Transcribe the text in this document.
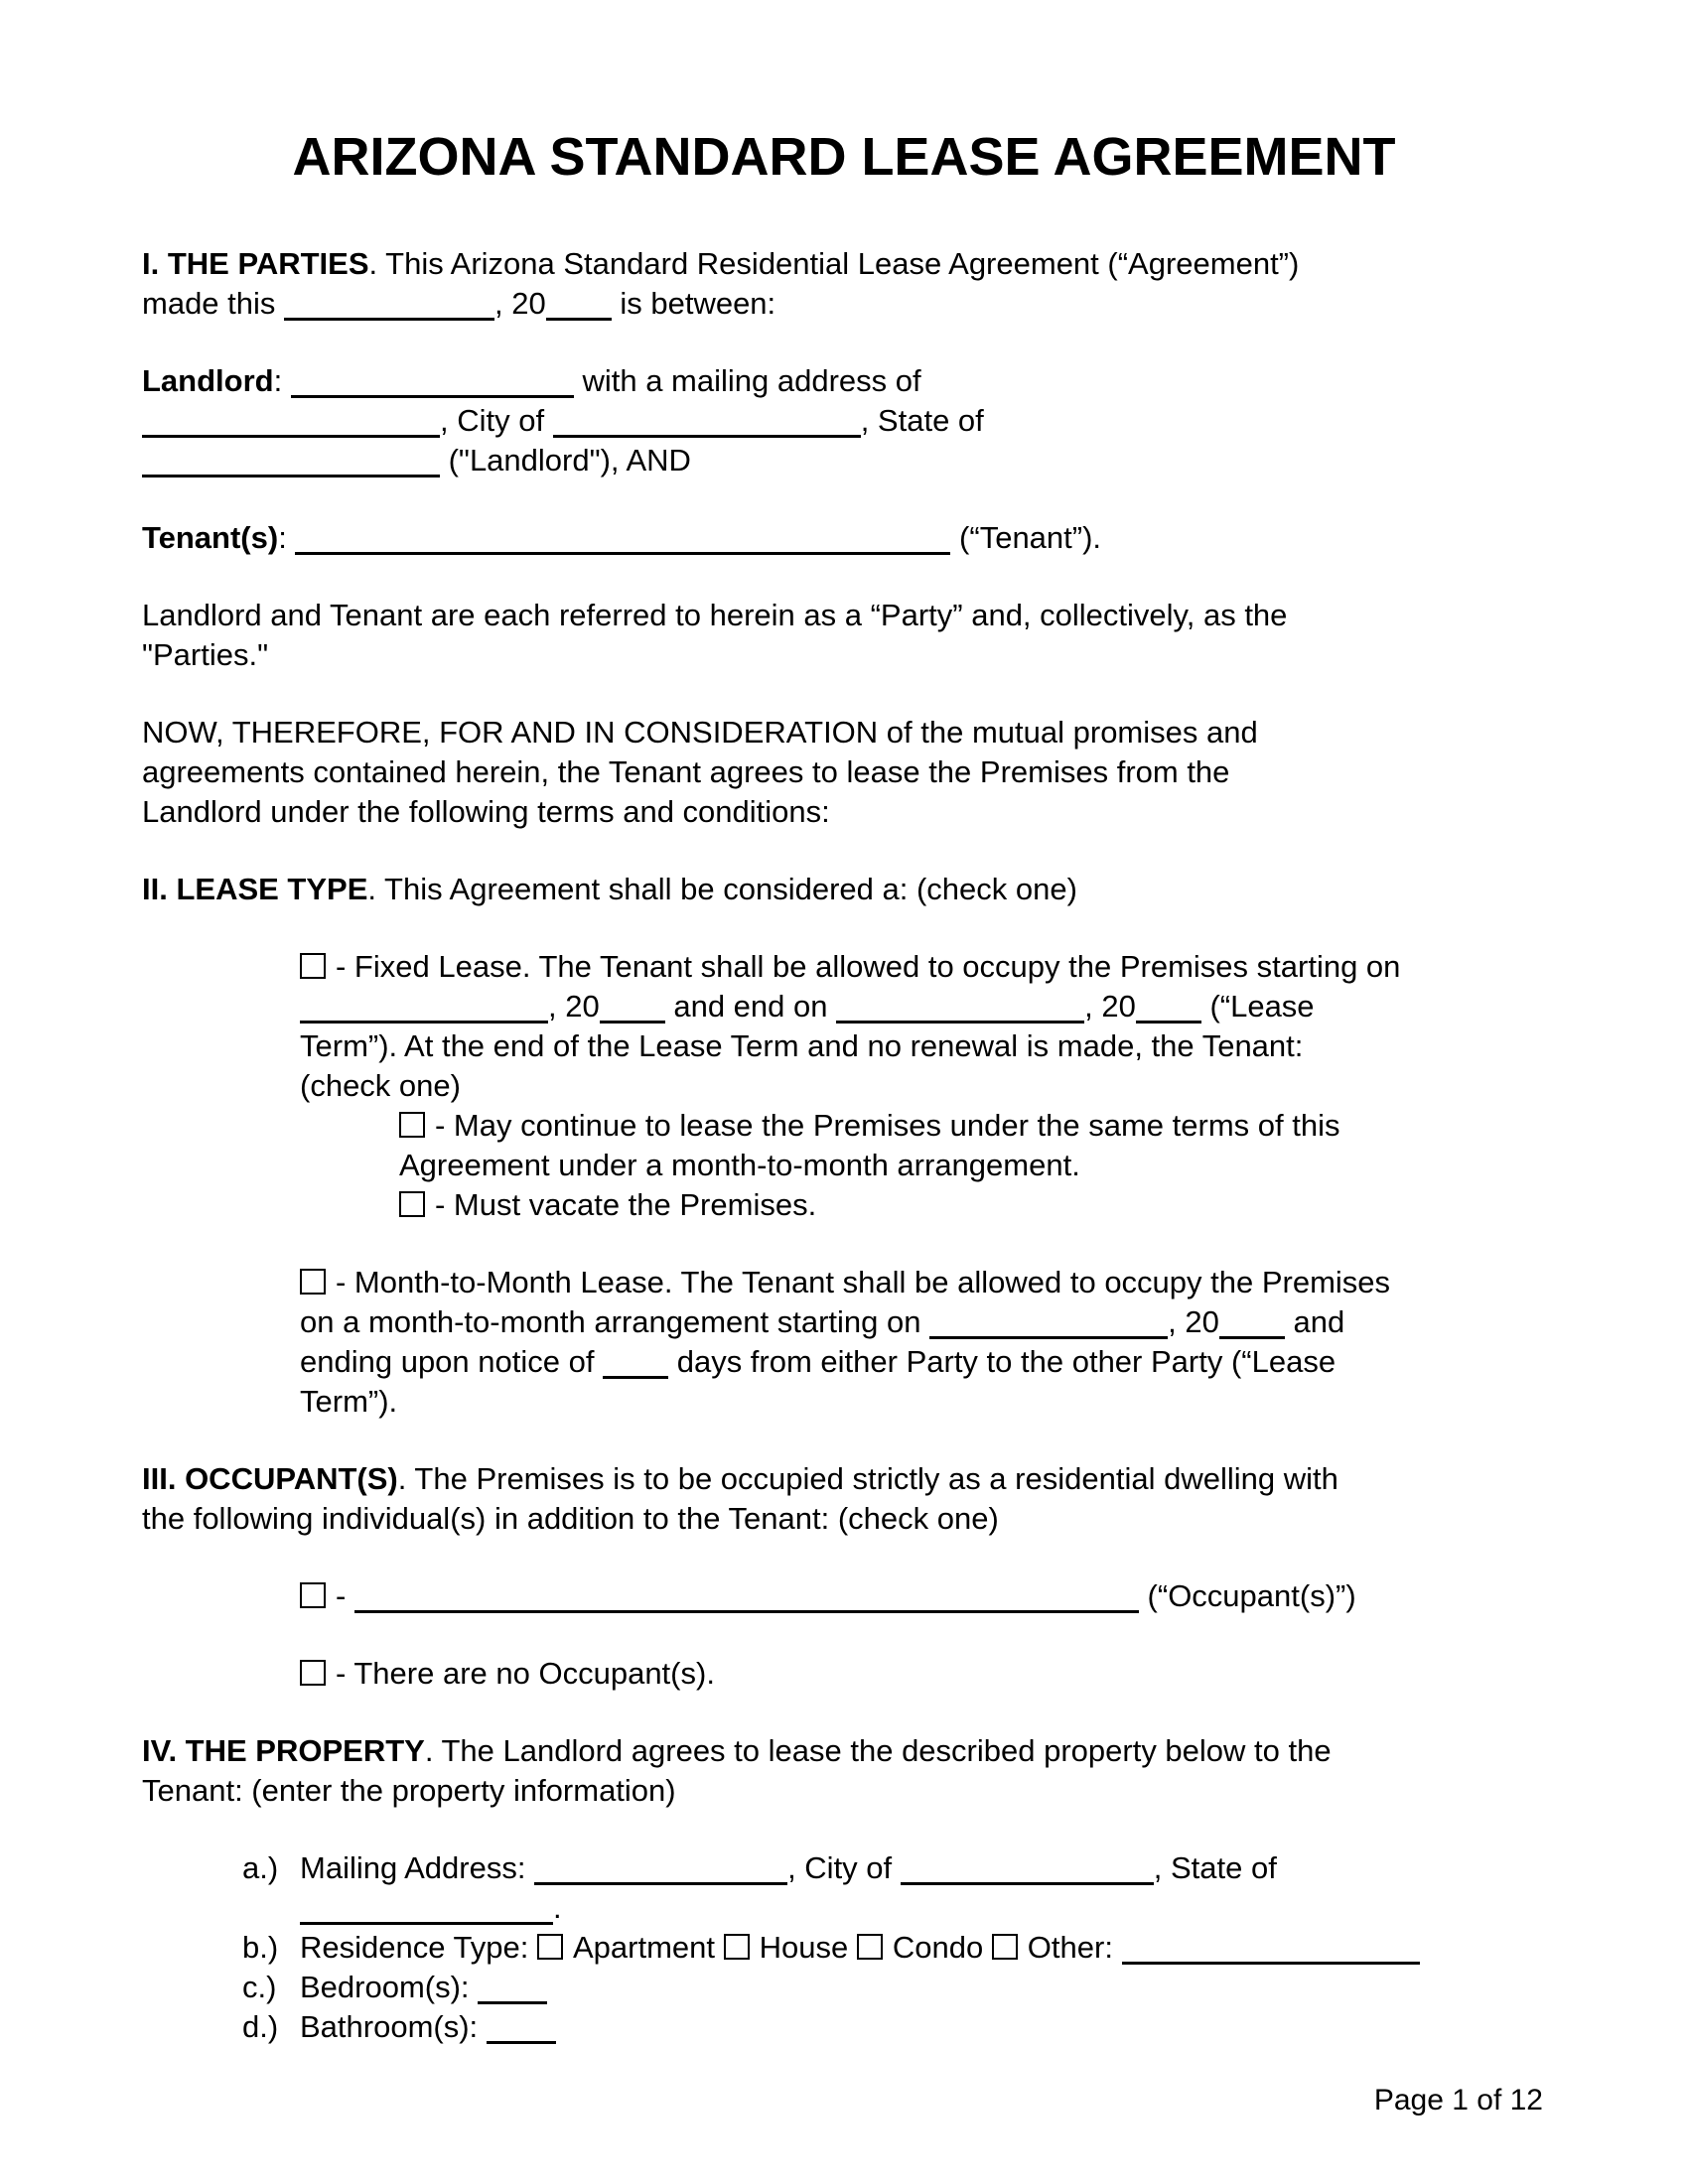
ARIZONA STANDARD LEASE AGREEMENT
I. THE PARTIES. This Arizona Standard Residential Lease Agreement (“Agreement”)
made this	, 20 is between:
Landlord:	with a mailing address of
, City of	, State of
("Landlord"), AND
Tenant(s):	(“Tenant”).
Landlord and Tenant are each referred to herein as a “Party” and, collectively, as the
"Parties."
NOW, THEREFORE, FOR AND IN CONSIDERATION of the mutual promises and
agreements contained herein, the Tenant agrees to lease the Premises from the
Landlord under the following terms and conditions:
II. LEASE TYPE. This Agreement shall be considered a: (check one)
- Fixed Lease. The Tenant shall be allowed to occupy the Premises starting on
, 20 and end on	, 20 (“Lease
Term”). At the end of the Lease Term and no renewal is made, the Tenant:
(check one)
- May continue to lease the Premises under the same terms of this
Agreement under a month-to-month arrangement.
- Must vacate the Premises.
- Month-to-Month Lease. The Tenant shall be allowed to occupy the Premises
on a month-to-month arrangement starting on	, 20 and
ending upon notice of  days from either Party to the other Party (“Lease
Term”).
III. OCCUPANT(S). The Premises is to be occupied strictly as a residential dwelling with
the following individual(s) in addition to the Tenant: (check one)
-	(“Occupant(s)”)
- There are no Occupant(s).
IV. THE PROPERTY. The Landlord agrees to lease the described property below to the
Tenant: (enter the property information)
a.) Mailing Address:	, City of	, State of
.
b.) Residence Type: Apartment House Condo Other:
c.) Bedroom(s):
d.) Bathroom(s):
Page 1 of 12
